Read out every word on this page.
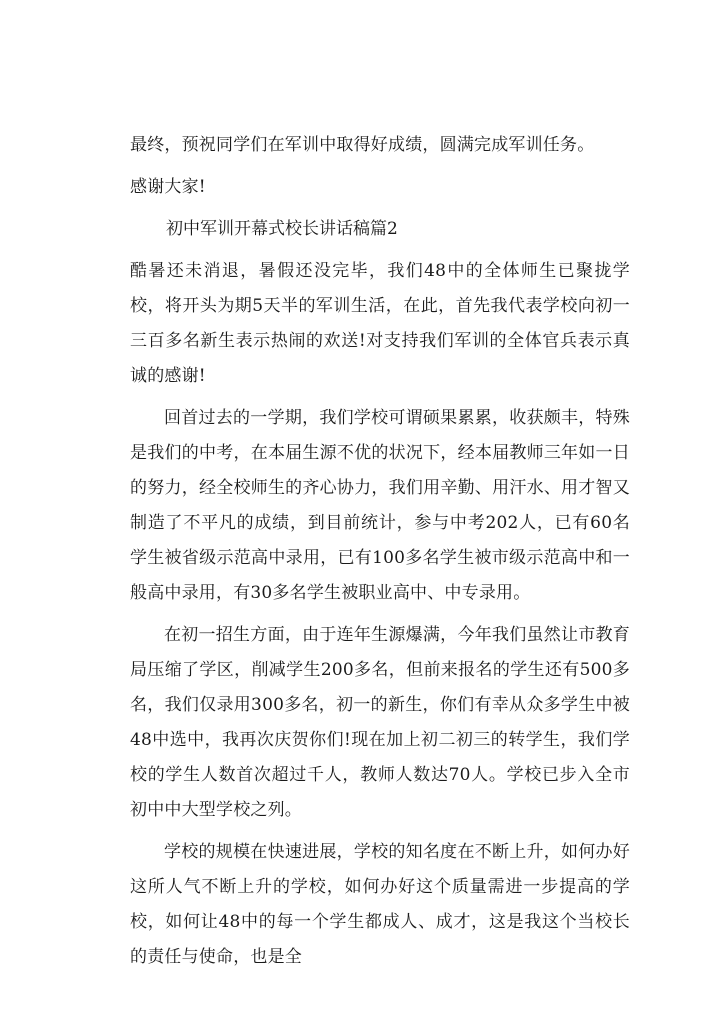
最终，预祝同学们在军训中取得好成绩，圆满完成军训任务。

感谢大家!

初中军训开幕式校长讲话稿篇2

酷暑还未消退，暑假还没完毕，我们48中的全体师生已聚拢学校，将开头为期5天半的军训生活，在此，首先我代表学校向初一三百多名新生表示热闹的欢送!对支持我们军训的全体官兵表示真诚的感谢!

回首过去的一学期，我们学校可谓硕果累累，收获颇丰，特殊是我们的中考，在本届生源不优的状况下，经本届教师三年如一日的努力，经全校师生的齐心协力，我们用辛勤、用汗水、用才智又制造了不平凡的成绩，到目前统计，参与中考202人，已有60名学生被省级示范高中录用，已有100多名学生被市级示范高中和一般高中录用，有30多名学生被职业高中、中专录用。

在初一招生方面，由于连年生源爆满，今年我们虽然让市教育局压缩了学区，削减学生200多名，但前来报名的学生还有500多名，我们仅录用300多名，初一的新生，你们有幸从众多学生中被48中选中，我再次庆贺你们!现在加上初二初三的转学生，我们学校的学生人数首次超过千人，教师人数达70人。学校已步入全市初中中大型学校之列。

学校的规模在快速进展，学校的知名度在不断上升，如何办好这所人气不断上升的学校，如何办好这个质量需进一步提高的学校，如何让48中的每一个学生都成人、成才，这是我这个当校长的责任与使命，也是全
